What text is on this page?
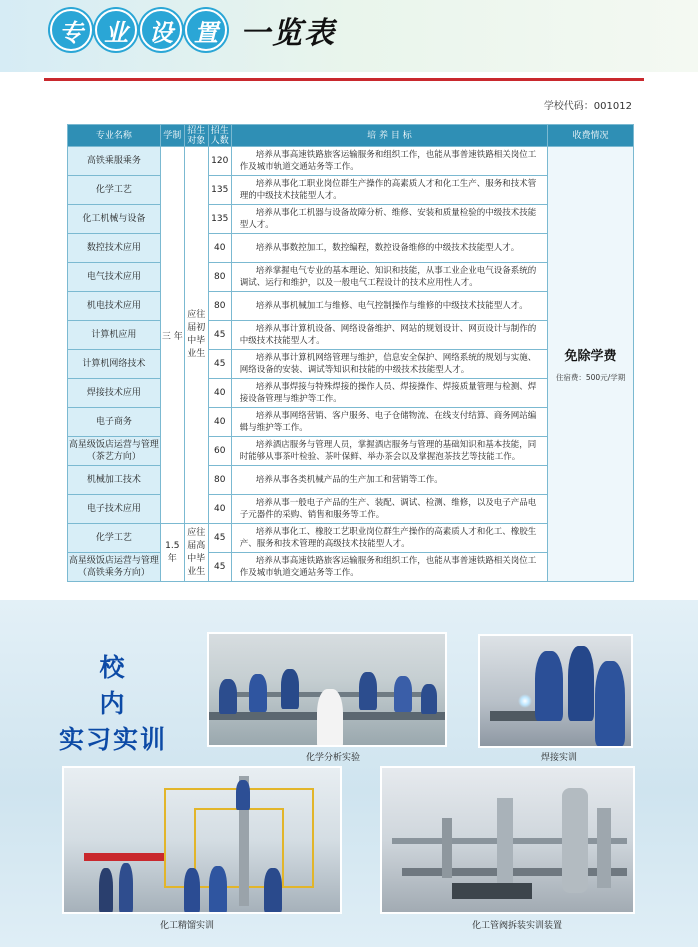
专 业 设 置 一览表
学校代码：001012
专业名称	学制	招生对象	招生人数	培 养 目 标	收费情况
高铁乘服乘务	三 年	应往届初中毕业生	120	培养从事高速铁路旅客运输服务和组织工作，也能从事普速铁路相关岗位工作及城市轨道交通站务等工作。	免除学费
住宿费：500元/学期

化学工艺			135	培养从事化工职业岗位群生产操作的高素质人才和化工生产、服务和技术管理的中级技术技能型人才。	
化工机械与设备			135	培养从事化工机器与设备故障分析、维修、安装和质量检验的中级技术技能型人才。	
数控技术应用			40	培养从事数控加工，数控编程，数控设备维修的中级技术技能型人才。	
电气技术应用			80	培养掌握电气专业的基本理论、知识和技能，从事工业企业电气设备系统的调试、运行和维护，以及一般电气工程设计的技术应用性人才。	
机电技术应用			80	培养从事机械加工与维修、电气控制操作与维修的中级技术技能型人才。	
计算机应用			45	培养从事计算机设备、网络设备维护、网站的规划设计、网页设计与制作的中级技术技能型人才。	
计算机网络技术			45	培养从事计算机网络管理与维护，信息安全保护、网络系统的规划与实施、网络设备的安装、调试等知识和技能的中级技术技能型人才。	
焊接技术应用			40	培养从事焊接与特殊焊接的操作人员、焊接操作、焊接质量管理与检测、焊接设备管理与维护等工作。	
电子商务			40	培养从事网络营销、客户服务、电子仓储物流、在线支付结算、商务网站编辑与维护等工作。	
高星级饭店运营与管理（茶艺方向）			60	培养酒店服务与管理人员，掌握酒店服务与管理的基础知识和基本技能，同时能够从事茶叶检验、茶叶保鲜、举办茶会以及掌握泡茶技艺等技能工作。	
机械加工技术			80	培养从事各类机械产品的生产加工和营销等工作。	
电子技术应用			40	培养从事一般电子产品的生产、装配、调试、检测、维修，以及电子产品电子元器件的采购、销售和服务等工作。	
化学工艺	1.5年	应往届高中毕业生	45	培养从事化工、橡胶工艺职业岗位群生产操作的高素质人才和化工、橡胶生产、服务和技术管理的高级技术技能型人才。	
高星级饭店运营与管理（高铁乘务方向）			45	培养从事高速铁路旅客运输服务和组织工作，也能从事普速铁路相关岗位工作及城市轨道交通站务等工作。	
校 内
实习实训
化学分析实验	焊接实训
化工精馏实训	化工管阀拆装实训装置
